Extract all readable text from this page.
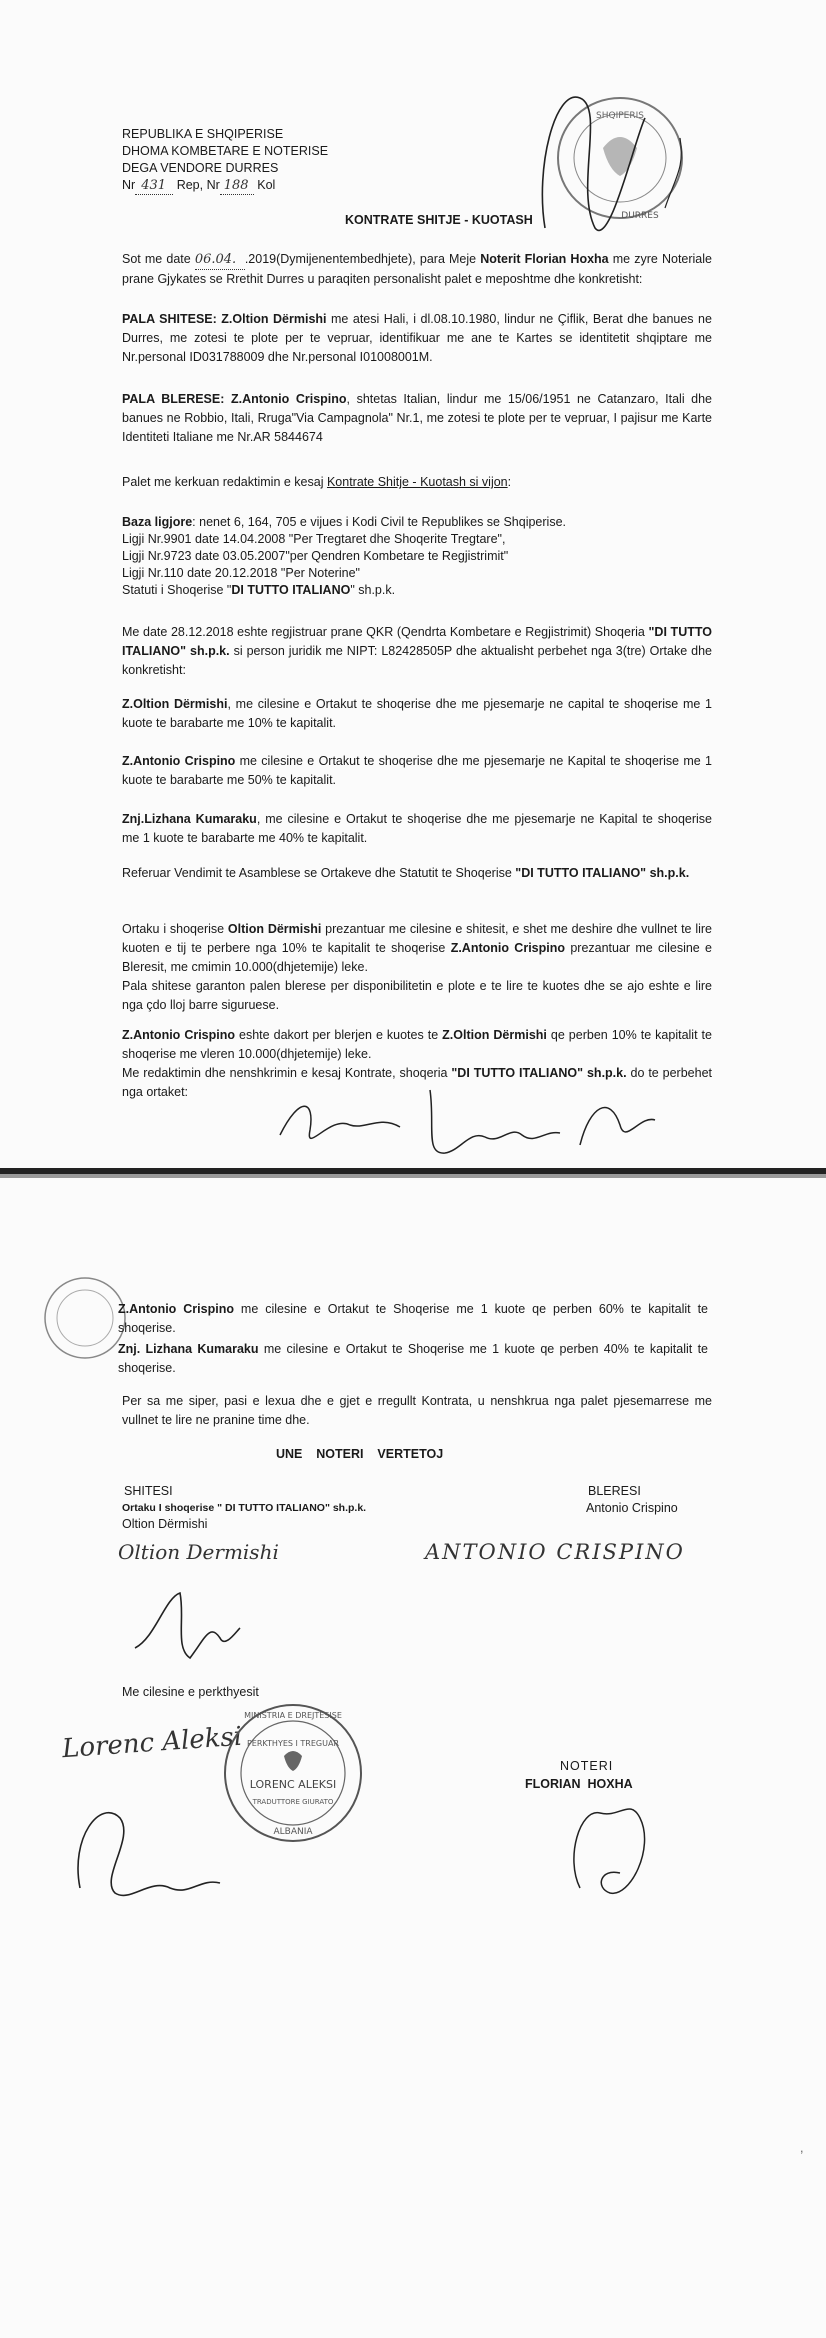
SHQIPERIS
DURRES
REPUBLIKA E SHQIPERISE
DHOMA KOMBETARE E NOTERISE
DEGA VENDORE DURRES
Nr 431 Rep, Nr 188 Kol
KONTRATE SHITJE - KUOTASH
Sot me date 06.04. .2019(Dymijenentembedhjete), para Meje Noterit Florian Hoxha me zyre Noteriale prane Gjykates se Rrethit Durres u paraqiten personalisht palet e meposhtme dhe konkretisht:
PALA SHITESE: Z.Oltion Dërmishi me atesi Hali, i dl.08.10.1980, lindur ne Çiflik, Berat dhe banues ne Durres, me zotesi te plote per te vepruar, identifikuar me ane te Kartes se identitetit shqiptare me Nr.personal ID031788009 dhe Nr.personal I01008001M.
PALA BLERESE: Z.Antonio Crispino, shtetas Italian, lindur me 15/06/1951 ne Catanzaro, Itali dhe banues ne Robbio, Itali, Rruga"Via Campagnola" Nr.1, me zotesi te plote per te vepruar, I pajisur me Karte Identiteti Italiane me Nr.AR 5844674
Palet me kerkuan redaktimin e kesaj Kontrate Shitje - Kuotash si vijon:
Baza ligjore: nenet 6, 164, 705 e vijues i Kodi Civil te Republikes se Shqiperise.
Ligji Nr.9901 date 14.04.2008 "Per Tregtaret dhe Shoqerite Tregtare",
Ligji Nr.9723 date 03.05.2007"per Qendren Kombetare te Regjistrimit"
Ligji Nr.110 date 20.12.2018 "Per Noterine"
Statuti i Shoqerise "DI TUTTO ITALIANO" sh.p.k.
Me date 28.12.2018 eshte regjistruar prane QKR (Qendrta Kombetare e Regjistrimit) Shoqeria "DI TUTTO ITALIANO" sh.p.k. si person juridik me NIPT: L82428505P dhe aktualisht perbehet nga 3(tre) Ortake dhe konkretisht:
Z.Oltion Dërmishi, me cilesine e Ortakut te shoqerise dhe me pjesemarje ne capital te shoqerise me 1 kuote te barabarte me 10% te kapitalit.
Z.Antonio Crispino me cilesine e Ortakut te shoqerise dhe me pjesemarje ne Kapital te shoqerise me 1 kuote te barabarte me 50% te kapitalit.
Znj.Lizhana Kumaraku, me cilesine e Ortakut te shoqerise dhe me pjesemarje ne Kapital te shoqerise me 1 kuote te barabarte me 40% te kapitalit.
Referuar Vendimit te Asamblese se Ortakeve dhe Statutit te Shoqerise "DI TUTTO ITALIANO" sh.p.k.
Ortaku i shoqerise Oltion Dërmishi prezantuar me cilesine e shitesit, e shet me deshire dhe vullnet te lire kuoten e tij te perbere nga 10% te kapitalit te shoqerise Z.Antonio Crispino prezantuar me cilesine e Bleresit, me cmimin 10.000(dhjetemije) leke.
Pala shitese garanton palen blerese per disponibilitetin e plote e te lire te kuotes dhe se ajo eshte e lire nga çdo lloj barre siguruese.
Z.Antonio Crispino eshte dakort per blerjen e kuotes te Z.Oltion Dërmishi qe perben 10% te kapitalit te shoqerise me vleren 10.000(dhjetemije) leke.
Me redaktimin dhe nenshkrimin e kesaj Kontrate, shoqeria "DI TUTTO ITALIANO" sh.p.k. do te perbehet nga ortaket:
Z.Antonio Crispino me cilesine e Ortakut te Shoqerise me 1 kuote qe perben 60% te kapitalit te shoqerise.
Znj. Lizhana Kumaraku me cilesine e Ortakut te Shoqerise me 1 kuote qe perben 40% te kapitalit te shoqerise.
Per sa me siper, pasi e lexua dhe e gjet e rregullt Kontrata, u nenshkrua nga palet pjesemarrese me vullnet te lire ne pranine time dhe.
UNE    NOTERI    VERTETOJ
SHITESI
Ortaku I shoqerise " DI TUTTO ITALIANO" sh.p.k.
Oltion Dërmishi
Oltion Dermishi
BLERESI
Antonio Crispino
ANTONIO CRISPINO
Me cilesine e perkthyesit
Lorenc Aleksi
MINISTRIA E DREJTESISE
PERKTHYES I TREGUAR
LORENC ALEKSI
TRADUTTORE GIURATO
ALBANIA
NOTERI
FLORIAN  HOXHA
,
